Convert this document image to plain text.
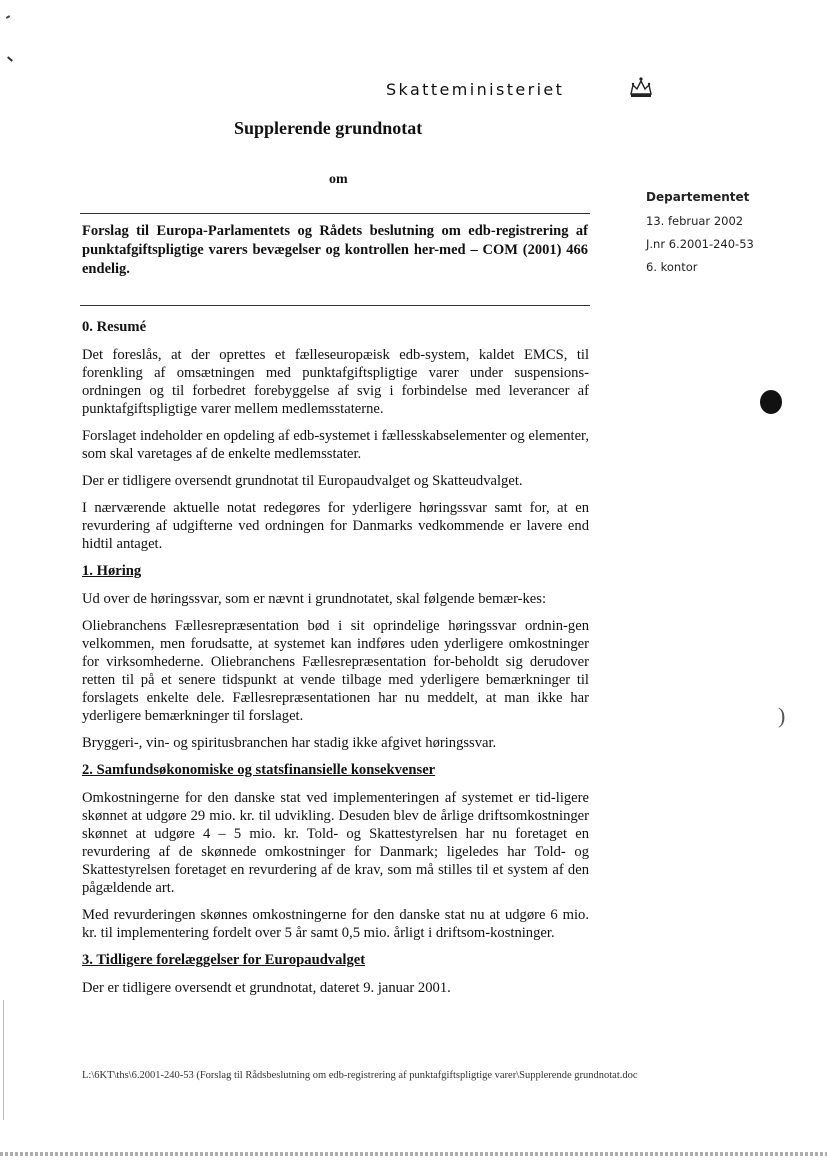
Skatteministeriet
Supplerende grundnotat
om
Departementet
13. februar 2002
J.nr 6.2001-240-53
6. kontor
Forslag til Europa-Parlamentets og Rådets beslutning om edb-registrering af punktafgiftspligtige varers bevægelser og kontrollen her-med – COM (2001) 466 endelig.
0. Resumé

Det foreslås, at der oprettes et fælleseuropæisk edb-system, kaldet EMCS, til forenkling af omsætningen med punktafgiftspligtige varer under suspensions-ordningen og til forbedret forebyggelse af svig i forbindelse med leverancer af punktafgiftspligtige varer mellem medlemsstaterne.

Forslaget indeholder en opdeling af edb-systemet i fællesskabselementer og elementer, som skal varetages af de enkelte medlemsstater.

Der er tidligere oversendt grundnotat til Europaudvalget og Skatteudvalget.

I nærværende aktuelle notat redegøres for yderligere høringssvar samt for, at en revurdering af udgifterne ved ordningen for Danmarks vedkommende er lavere end hidtil antaget.

1. Høring

Ud over de høringssvar, som er nævnt i grundnotatet, skal følgende bemær-kes:

Oliebranchens Fællesrepræsentation bød i sit oprindelige høringssvar ordnin-gen velkommen, men forudsatte, at systemet kan indføres uden yderligere omkostninger for virksomhederne. Oliebranchens Fællesrepræsentation for-beholdt sig derudover retten til på et senere tidspunkt at vende tilbage med yderligere bemærkninger til forslagets enkelte dele. Fællesrepræsentationen har nu meddelt, at man ikke har yderligere bemærkninger til forslaget.

Bryggeri-, vin- og spiritusbranchen har stadig ikke afgivet høringssvar.

2. Samfundsøkonomiske og statsfinansielle konsekvenser

Omkostningerne for den danske stat ved implementeringen af systemet er tid-ligere skønnet at udgøre 29 mio. kr. til udvikling. Desuden blev de årlige driftsomkostninger skønnet at udgøre 4 – 5 mio. kr. Told- og Skattestyrelsen har nu foretaget en revurdering af de skønnede omkostninger for Danmark; ligeledes har Told- og Skattestyrelsen foretaget en revurdering af de krav, som må stilles til et system af den pågældende art.

Med revurderingen skønnes omkostningerne for den danske stat nu at udgøre 6 mio. kr. til implementering fordelt over 5 år samt 0,5 mio. årligt i driftsom-kostninger.

3. Tidligere forelæggelser for Europaudvalget

Der er tidligere oversendt et grundnotat, dateret 9. januar 2001.

L:\6KT\ths\6.2001-240-53 (Forslag til Rådsbeslutning om edb-registrering af punktafgiftspligtige varer\Supplerende grundnotat.doc
)
